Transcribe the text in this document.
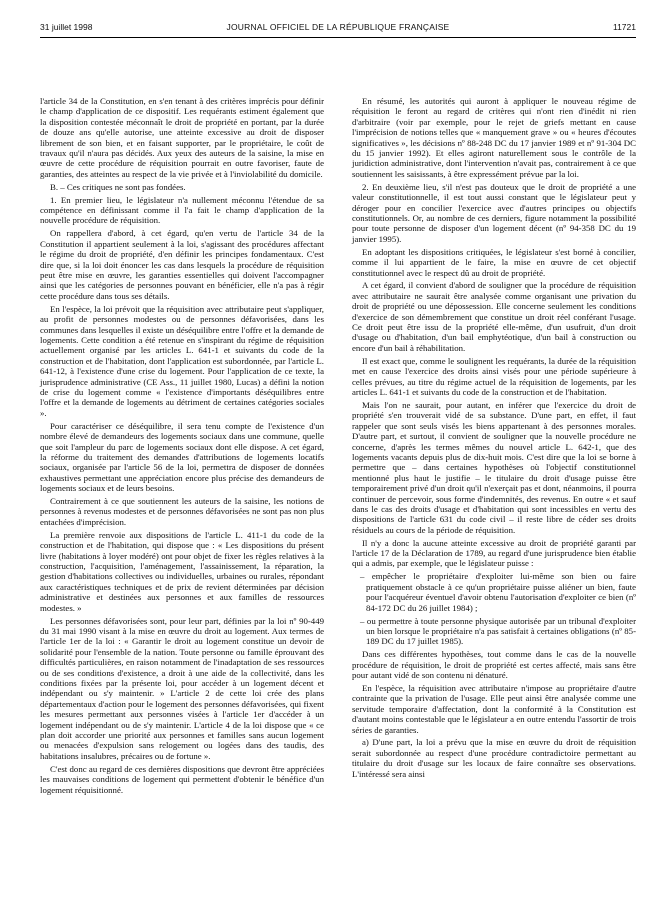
31 juillet 1998	JOURNAL OFFICIEL DE LA RÉPUBLIQUE FRANÇAISE	11721

l'article 34 de la Constitution, en s'en tenant à des critères imprécis pour définir le champ d'application de ce dispositif. Les requérants estiment également que la disposition contestée méconnaît le droit de propriété en portant, par la durée de douze ans qu'elle autorise, une atteinte excessive au droit de disposer librement de son bien, et en faisant supporter, par le propriétaire, le coût de travaux qu'il n'aura pas décidés. Aux yeux des auteurs de la saisine, la mise en œuvre de cette procédure de réquisition pourrait en outre favoriser, faute de garanties, des atteintes au respect de la vie privée et à l'inviolabilité du domicile.

B. – Ces critiques ne sont pas fondées.

1. En premier lieu, le législateur n'a nullement méconnu l'étendue de sa compétence en définissant comme il l'a fait le champ d'application de la nouvelle procédure de réquisition.

On rappellera d'abord, à cet égard, qu'en vertu de l'article 34 de la Constitution il appartient seulement à la loi, s'agissant des procédures affectant le régime du droit de propriété, d'en définir les principes fondamentaux. C'est dire que, si la loi doit énoncer les cas dans lesquels la procédure de réquisition peut être mise en œuvre, les garanties essentielles qui doivent l'accompagner ainsi que les catégories de personnes pouvant en bénéficier, elle n'a pas à régir cette procédure dans tous ses détails.

En l'espèce, la loi prévoit que la réquisition avec attributaire peut s'appliquer, au profit de personnes modestes ou de personnes défavorisées, dans les communes dans lesquelles il existe un déséquilibre entre l'offre et la demande de logements. Cette condition a été retenue en s'inspirant du régime de réquisition actuellement organisé par les articles L. 641-1 et suivants du code de la construction et de l'habitation, dont l'application est subordonnée, par l'article L. 641-12, à l'existence d'une crise du logement. Pour l'application de ce texte, la jurisprudence administrative (CE Ass., 11 juillet 1980, Lucas) a défini la notion de crise du logement comme « l'existence d'importants déséquilibres entre l'offre et la demande de logements au détriment de certaines catégories sociales ».

Pour caractériser ce déséquilibre, il sera tenu compte de l'existence d'un nombre élevé de demandeurs des logements sociaux dans une commune, quelle que soit l'ampleur du parc de logements sociaux dont elle dispose. A cet égard, la réforme du traitement des demandes d'attributions de logements locatifs sociaux, organisée par l'article 56 de la loi, permettra de disposer de données exhaustives permettant une appréciation encore plus précise des demandeurs de logements sociaux et de leurs besoins.

Contrairement à ce que soutiennent les auteurs de la saisine, les notions de personnes à revenus modestes et de personnes défavorisées ne sont pas non plus entachées d'imprécision.

La première renvoie aux dispositions de l'article L. 411-1 du code de la construction et de l'habitation, qui dispose que : « Les dispositions du présent livre (habitations à loyer modéré) ont pour objet de fixer les règles relatives à la construction, l'acquisition, l'aménagement, l'assainissement, la réparation, la gestion d'habitations collectives ou individuelles, urbaines ou rurales, répondant aux caractéristiques techniques et de prix de revient déterminées par décision administrative et destinées aux personnes et aux familles de ressources modestes. »

Les personnes défavorisées sont, pour leur part, définies par la loi nº 90-449 du 31 mai 1990 visant à la mise en œuvre du droit au logement. Aux termes de l'article 1er de la loi : « Garantir le droit au logement constitue un devoir de solidarité pour l'ensemble de la nation. Toute personne ou famille éprouvant des difficultés particulières, en raison notamment de l'inadaptation de ses ressources ou de ses conditions d'existence, a droit à une aide de la collectivité, dans les conditions fixées par la présente loi, pour accéder à un logement décent et indépendant ou s'y maintenir. » L'article 2 de cette loi crée des plans départementaux d'action pour le logement des personnes défavorisées, qui fixent les mesures permettant aux personnes visées à l'article 1er d'accéder à un logement indépendant ou de s'y maintenir. L'article 4 de la loi dispose que « ce plan doit accorder une priorité aux personnes et familles sans aucun logement ou menacées d'expulsion sans relogement ou logées dans des taudis, des habitations insalubres, précaires ou de fortune ».

C'est donc au regard de ces dernières dispositions que devront être appréciées les mauvaises conditions de logement qui permettent d'obtenir le bénéfice d'un logement réquisitionné.

En résumé, les autorités qui auront à appliquer le nouveau régime de réquisition le feront au regard de critères qui n'ont rien d'inédit ni rien d'arbitraire (voir par exemple, pour le rejet de griefs mettant en cause l'imprécision de notions telles que « manquement grave » ou « heures d'écoutes significatives », les décisions nº 88-248 DC du 17 janvier 1989 et nº 91-304 DC du 15 janvier 1992). Et elles agiront naturellement sous le contrôle de la juridiction administrative, dont l'intervention n'avait pas, contrairement à ce que soutiennent les saisissants, à être expressément prévue par la loi.

2. En deuxième lieu, s'il n'est pas douteux que le droit de propriété a une valeur constitutionnelle, il est tout aussi constant que le législateur peut y déroger pour en concilier l'exercice avec d'autres principes ou objectifs constitutionnels. Or, au nombre de ces derniers, figure notamment la possibilité pour toute personne de disposer d'un logement décent (nº 94-358 DC du 19 janvier 1995).

En adoptant les dispositions critiquées, le législateur s'est borné à concilier, comme il lui appartient de le faire, la mise en œuvre de cet objectif constitutionnel avec le respect dû au droit de propriété.

A cet égard, il convient d'abord de souligner que la procédure de réquisition avec attributaire ne saurait être analysée comme organisant une privation du droit de propriété ou une dépossession. Elle concerne seulement les conditions d'exercice de son démembrement que constitue un droit réel conférant l'usage. Ce droit peut être issu de la propriété elle-même, d'un usufruit, d'un droit d'usage ou d'habitation, d'un bail emphytéotique, d'un bail à construction ou encore d'un bail à réhabilitation.

Il est exact que, comme le soulignent les requérants, la durée de la réquisition met en cause l'exercice des droits ainsi visés pour une période supérieure à celles prévues, au titre du régime actuel de la réquisition de logements, par les articles L. 641-1 et suivants du code de la construction et de l'habitation.

Mais l'on ne saurait, pour autant, en inférer que l'exercice du droit de propriété s'en trouverait vidé de sa substance. D'une part, en effet, il faut rappeler que sont seuls visés les biens appartenant à des personnes morales. D'autre part, et surtout, il convient de souligner que la nouvelle procédure ne concerne, d'après les termes mêmes du nouvel article L. 642-1, que des logements vacants depuis plus de dix-huit mois. C'est dire que la loi se borne à permettre que – dans certaines hypothèses où l'objectif constitutionnel mentionné plus haut le justifie – le titulaire du droit d'usage puisse être temporairement privé d'un droit qu'il n'exerçait pas et dont, néanmoins, il pourra continuer de percevoir, sous forme d'indemnités, des revenus. En outre « et sauf dans le cas des droits d'usage et d'habitation qui sont incessibles en vertu des dispositions de l'article 631 du code civil – il reste libre de céder ses droits résiduels au cours de la période de réquisition.

Il n'y a donc la aucune atteinte excessive au droit de propriété garanti par l'article 17 de la Déclaration de 1789, au regard d'une jurisprudence bien établie qui a admis, par exemple, que le législateur puisse :

– empêcher le propriétaire d'exploiter lui-même son bien ou faire pratiquement obstacle à ce qu'un propriétaire puisse aliéner un bien, faute pour l'acquéreur éventuel d'avoir obtenu l'autorisation d'exploiter ce bien (nº 84-172 DC du 26 juillet 1984) ;

– ou permettre à toute personne physique autorisée par un tribunal d'exploiter un bien lorsque le propriétaire n'a pas satisfait à certaines obligations (nº 85-189 DC du 17 juillet 1985).

Dans ces différentes hypothèses, tout comme dans le cas de la nouvelle procédure de réquisition, le droit de propriété est certes affecté, mais sans être pour autant vidé de son contenu ni dénaturé.

En l'espèce, la réquisition avec attributaire n'impose au propriétaire d'autre contrainte que la privation de l'usage. Elle peut ainsi être analysée comme une servitude temporaire d'affectation, dont la conformité à la Constitution est d'autant moins contestable que le législateur a en outre entendu l'assortir de trois séries de garanties.

a) D'une part, la loi a prévu que la mise en œuvre du droit de réquisition serait subordonnée au respect d'une procédure contradictoire permettant au titulaire du droit d'usage sur les locaux de faire connaître ses observations. L'intéressé sera ainsi
